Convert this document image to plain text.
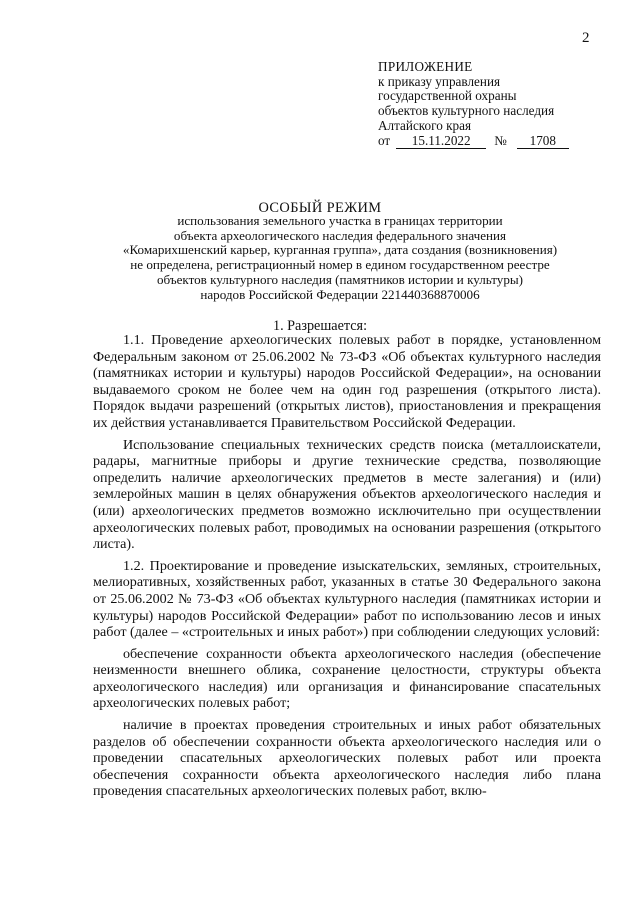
2
ПРИЛОЖЕНИЕ
к приказу управления
государственной охраны
объектов культурного наследия
Алтайского края
от	15.11.2022	№	1708
ОСОБЫЙ РЕЖИМ
использования земельного участка в границах территории
объекта археологического наследия федерального значения
«Комарихшенский карьер, курганная группа», дата создания (возникновения)
не определена, регистрационный номер в едином государственном реестре
объектов культурного наследия (памятников истории и культуры)
народов Российской Федерации 221440368870006
1. Разрешается:

1.1. Проведение археологических полевых работ в порядке, установленном Федеральным законом от 25.06.2002 № 73-ФЗ «Об объектах культурного наследия (памятниках истории и культуры) народов Российской Федерации», на основании выдаваемого сроком не более чем на один год разрешения (открытого листа). Порядок выдачи разрешений (открытых листов), приостановления и прекращения их действия устанавливается Правительством Российской Федерации.

Использование специальных технических средств поиска (металлоискатели, радары, магнитные приборы и другие технические средства, позволяющие определить наличие археологических предметов в месте залегания) и (или) землеройных машин в целях обнаружения объектов археологического наследия и (или) археологических предметов возможно исключительно при осуществлении археологических полевых работ, проводимых на основании разрешения (открытого листа).

1.2. Проектирование и проведение изыскательских, земляных, строительных, мелиоративных, хозяйственных работ, указанных в статье 30 Федерального закона от 25.06.2002 № 73-ФЗ «Об объектах культурного наследия (памятниках истории и культуры) народов Российской Федерации» работ по использованию лесов и иных работ (далее – «строительных и иных работ») при соблюдении следующих условий:

обеспечение сохранности объекта археологического наследия (обеспечение неизменности внешнего облика, сохранение целостности, структуры объекта археологического наследия) или организация и финансирование спасательных археологических полевых работ;

наличие в проектах проведения строительных и иных работ обязательных разделов об обеспечении сохранности объекта археологического наследия или о проведении спасательных археологических полевых работ или проекта обеспечения сохранности объекта археологического наследия либо плана проведения спасательных археологических полевых работ, вклю-
